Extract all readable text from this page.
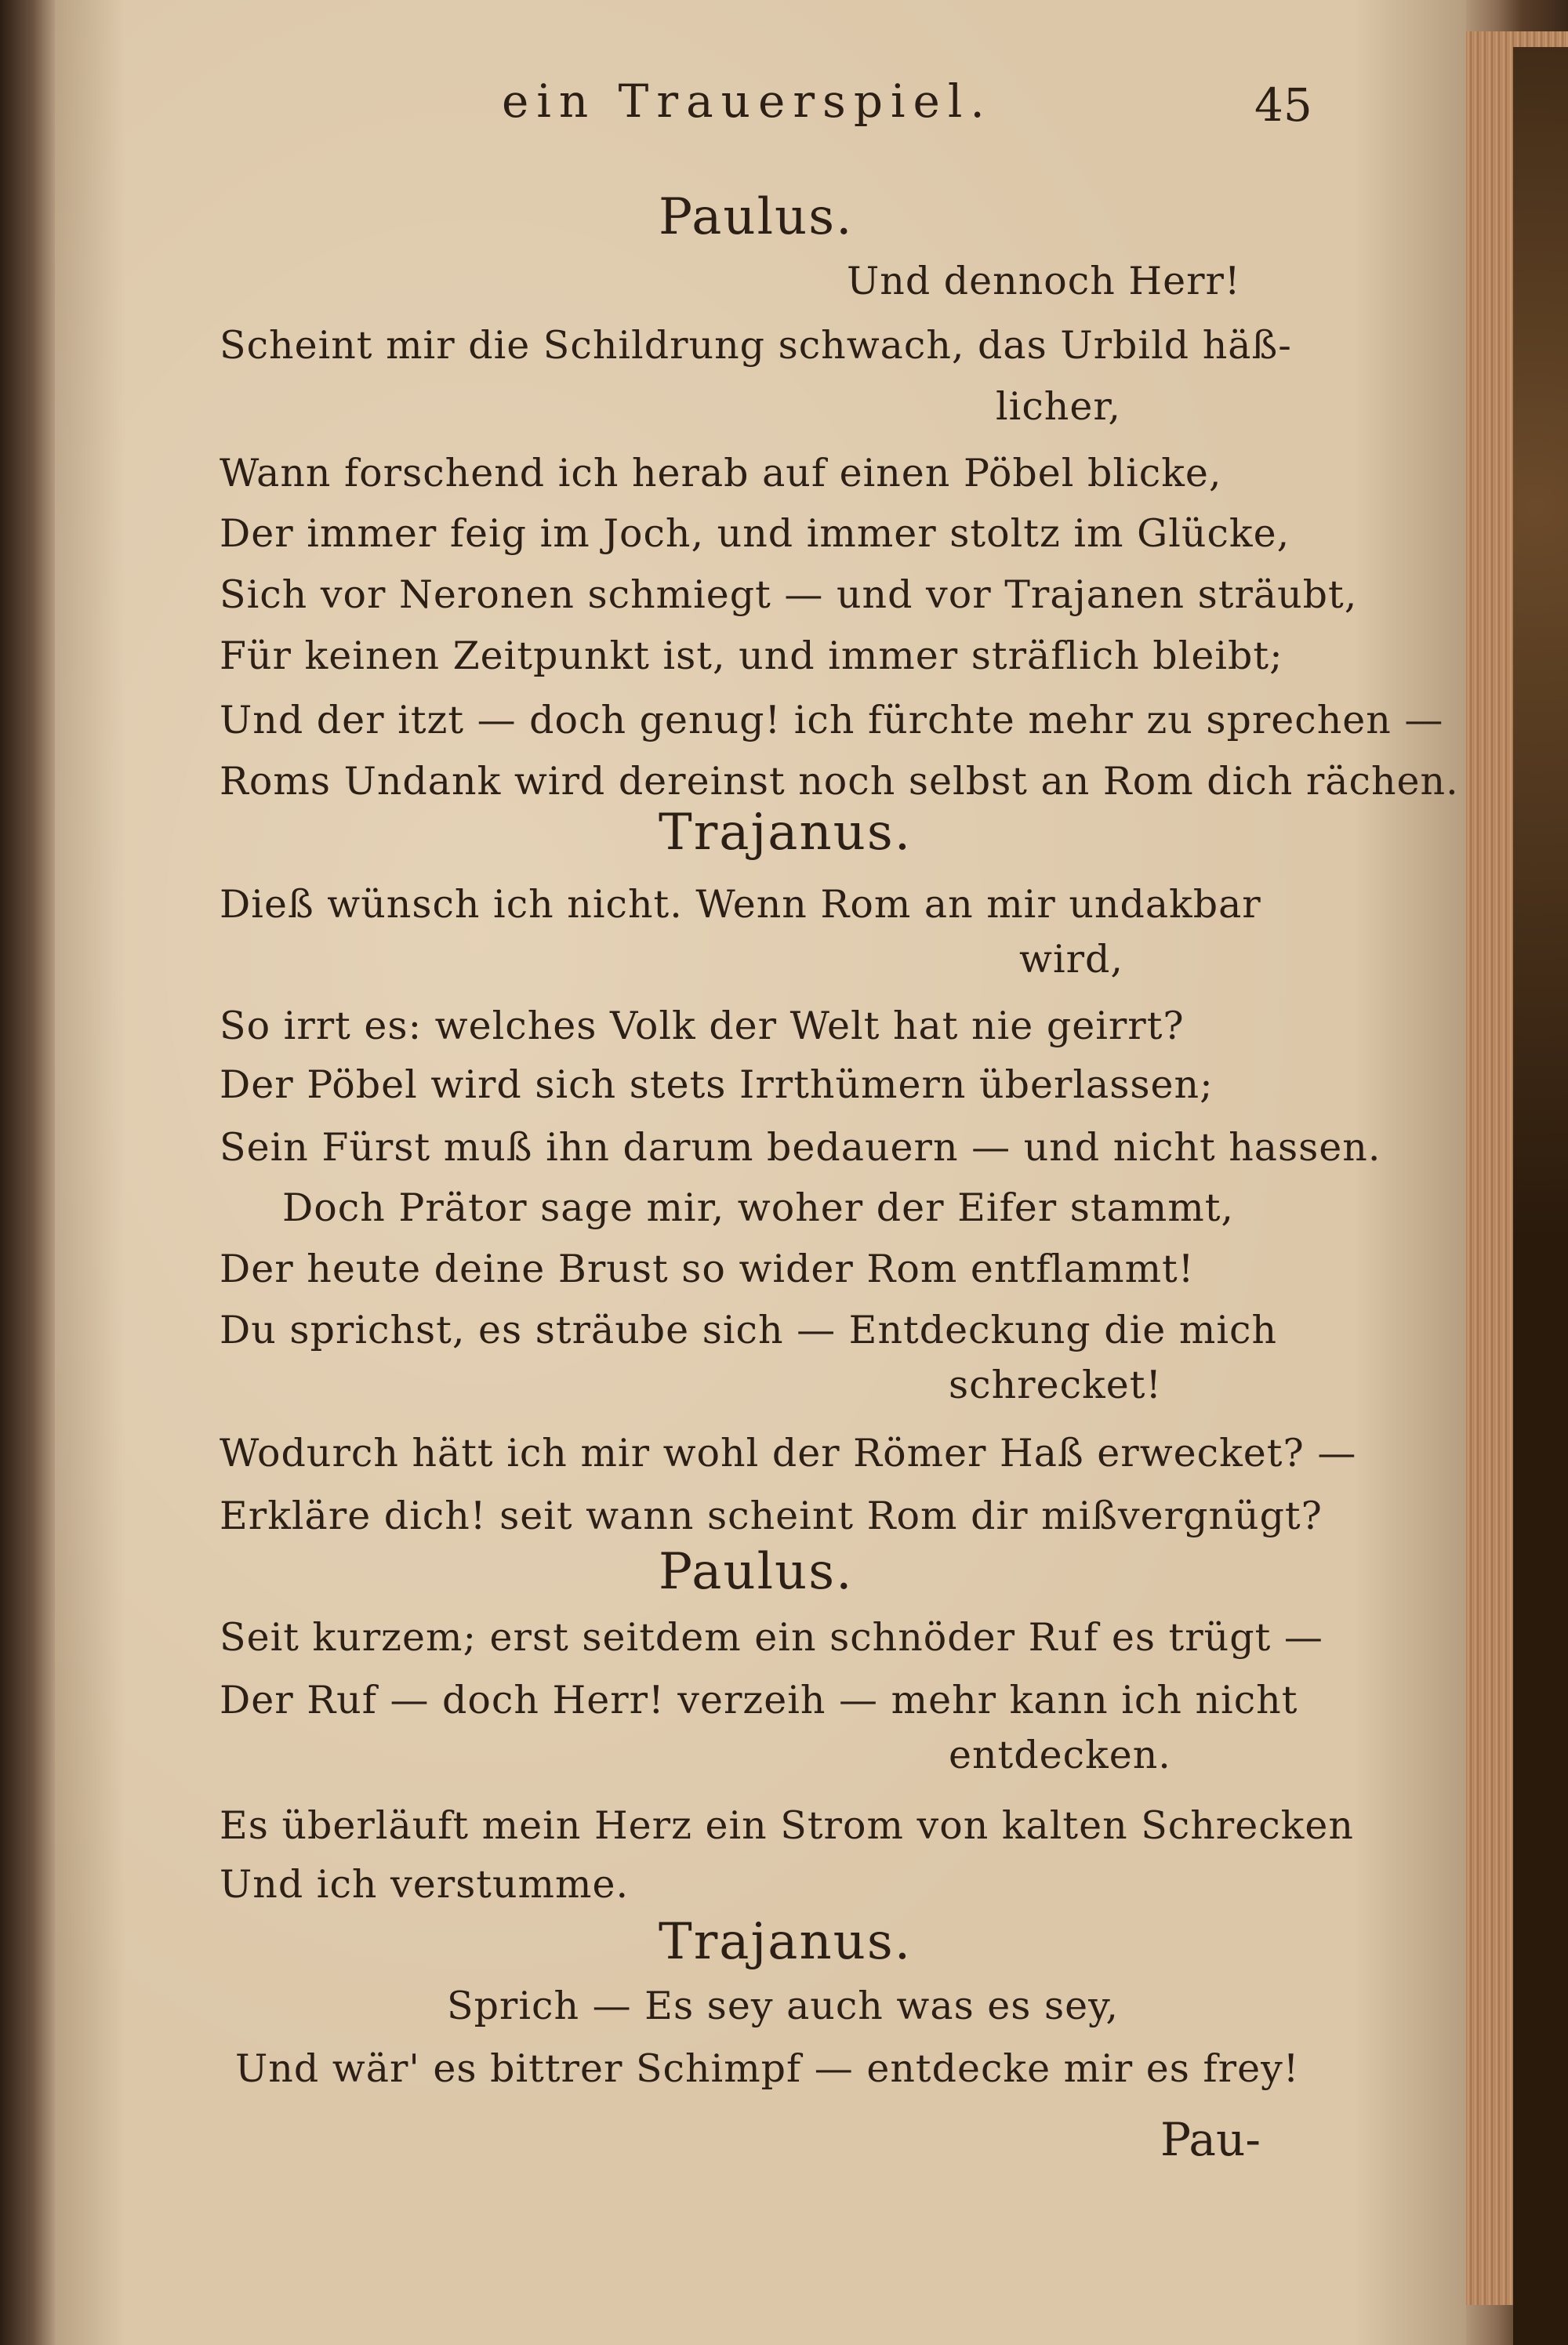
ein Trauerspiel.	45
Paulus.
Und dennoch Herr!
Scheint mir die Schildrung schwach, das Urbild häß-
licher,
Wann forschend ich herab auf einen Pöbel blicke,
Der immer feig im Joch, und immer stoltz im Glücke,
Sich vor Neronen schmiegt — und vor Trajanen sträubt,
Für keinen Zeitpunkt ist, und immer sträflich bleibt;
Und der itzt — doch genug! ich fürchte mehr zu sprechen —
Roms Undank wird dereinst noch selbst an Rom dich rächen.
Trajanus.
Dieß wünsch ich nicht. Wenn Rom an mir undakbar
wird,
So irrt es: welches Volk der Welt hat nie geirrt?
Der Pöbel wird sich stets Irrthümern überlassen;
Sein Fürst muß ihn darum bedauern — und nicht hassen.
Doch Prätor sage mir, woher der Eifer stammt,
Der heute deine Brust so wider Rom entflammt!
Du sprichst, es sträube sich — Entdeckung die mich
schrecket!
Wodurch hätt ich mir wohl der Römer Haß erwecket? —
Erkläre dich! seit wann scheint Rom dir mißvergnügt?
Paulus.
Seit kurzem; erst seitdem ein schnöder Ruf es trügt —
Der Ruf — doch Herr! verzeih — mehr kann ich nicht
entdecken.
Es überläuft mein Herz ein Strom von kalten Schrecken
Und ich verstumme.
Trajanus.
Sprich — Es sey auch was es sey,
Und wär' es bittrer Schimpf — entdecke mir es frey!
Pau-
